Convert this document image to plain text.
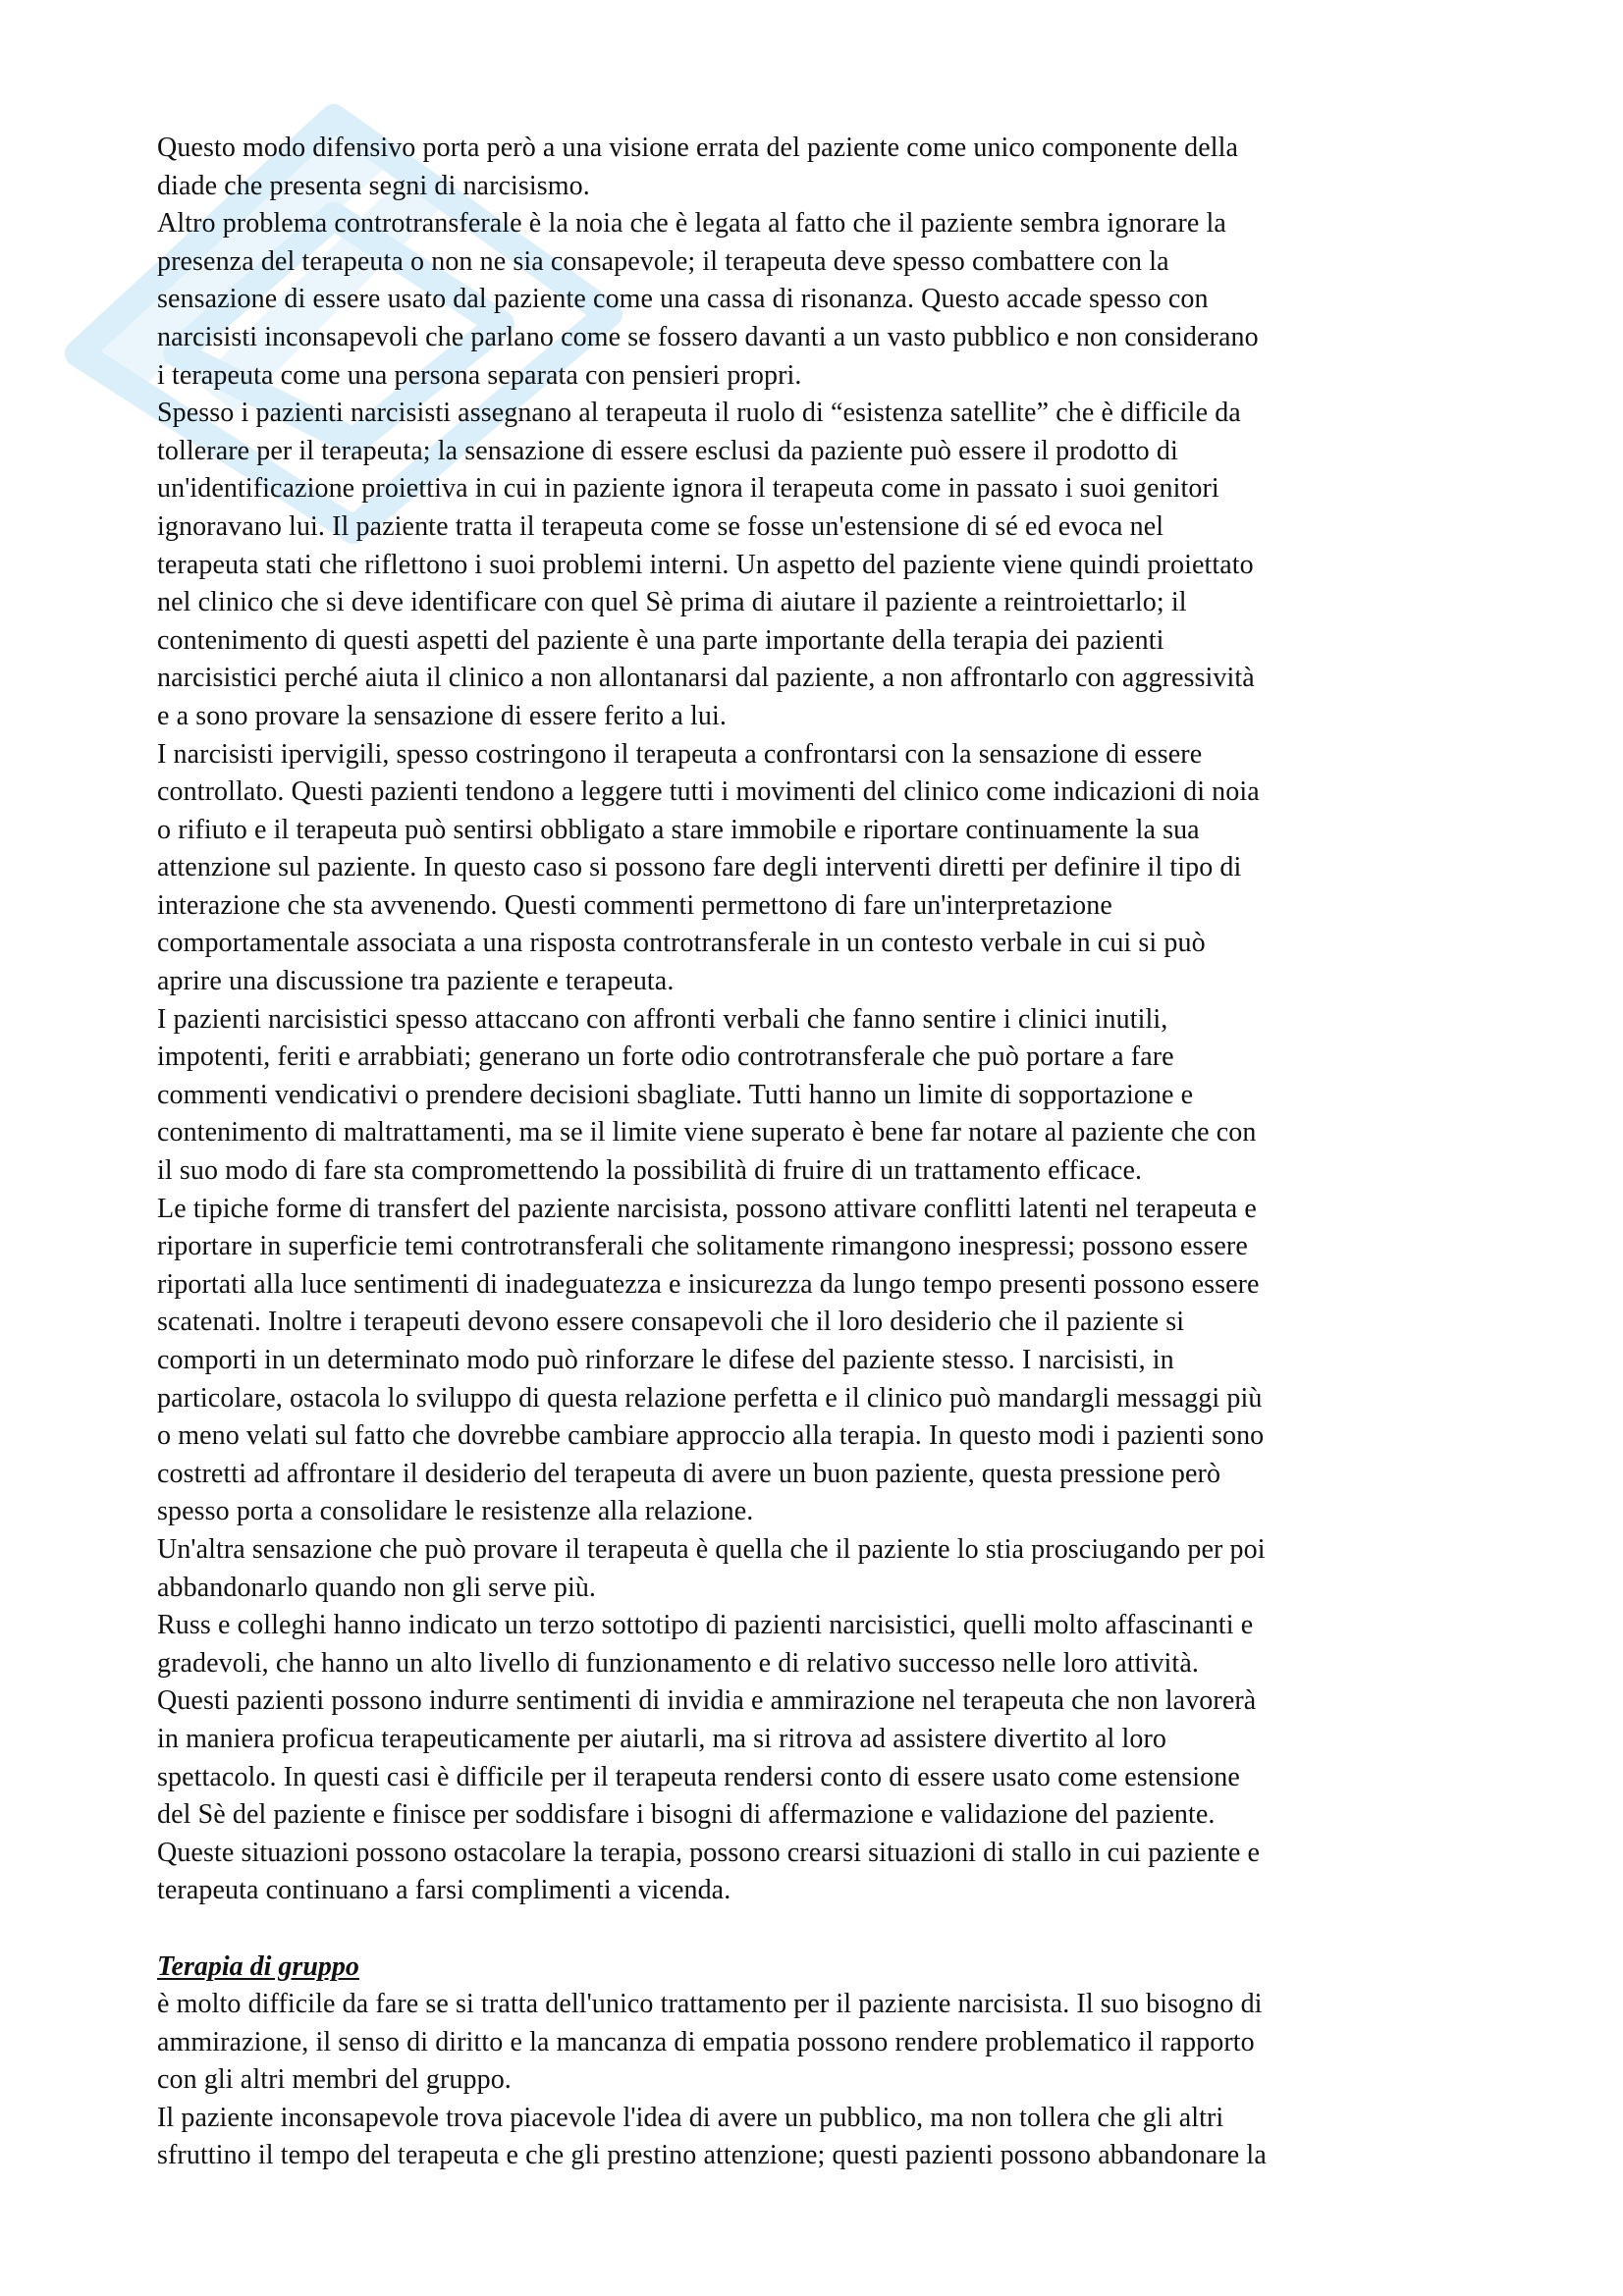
Questo modo difensivo porta però a una visione errata del paziente come unico componente della
diade che presenta segni di narcisismo.

Altro problema controtransferale è la noia che è legata al fatto che il paziente sembra ignorare la
presenza del terapeuta o non ne sia consapevole; il terapeuta deve spesso combattere con la
sensazione di essere usato dal paziente come una cassa di risonanza. Questo accade spesso con
narcisisti inconsapevoli che parlano come se fossero davanti a un vasto pubblico e non considerano
i terapeuta come una persona separata con pensieri propri.

Spesso i pazienti narcisisti assegnano al terapeuta il ruolo di “esistenza satellite” che è difficile da
tollerare per il terapeuta; la sensazione di essere esclusi da paziente può essere il prodotto di
un'identificazione proiettiva in cui in paziente ignora il terapeuta come in passato i suoi genitori
ignoravano lui. Il paziente tratta il terapeuta come se fosse un'estensione di sé ed evoca nel
terapeuta stati che riflettono i suoi problemi interni. Un aspetto del paziente viene quindi proiettato
nel clinico che si deve identificare con quel Sè prima di aiutare il paziente a reintroiettarlo; il
contenimento di questi aspetti del paziente è una parte importante della terapia dei pazienti
narcisistici perché aiuta il clinico a non allontanarsi dal paziente, a non affrontarlo con aggressività
e a sono provare la sensazione di essere ferito a lui.

I narcisisti ipervigili, spesso costringono il terapeuta a confrontarsi con la sensazione di essere
controllato. Questi pazienti tendono a leggere tutti i movimenti del clinico come indicazioni di noia
o rifiuto e il terapeuta può sentirsi obbligato a stare immobile e riportare continuamente la sua
attenzione sul paziente. In questo caso si possono fare degli interventi diretti per definire il tipo di
interazione che sta avvenendo. Questi commenti permettono di fare un'interpretazione
comportamentale associata a una risposta controtransferale in un contesto verbale in cui si può
aprire una discussione tra paziente e terapeuta.

I pazienti narcisistici spesso attaccano con affronti verbali che fanno sentire i clinici inutili,
impotenti, feriti e arrabbiati; generano un forte odio controtransferale che può portare a fare
commenti vendicativi o prendere decisioni sbagliate. Tutti hanno un limite di sopportazione e
contenimento di maltrattamenti, ma se il limite viene superato è bene far notare al paziente che con
il suo modo di fare sta compromettendo la possibilità di fruire di un trattamento efficace.

Le tipiche forme di transfert del paziente narcisista, possono attivare conflitti latenti nel terapeuta e
riportare in superficie temi controtransferali che solitamente rimangono inespressi; possono essere
riportati alla luce sentimenti di inadeguatezza e insicurezza da lungo tempo presenti possono essere
scatenati. Inoltre i terapeuti devono essere consapevoli che il loro desiderio che il paziente si
comporti in un determinato modo può rinforzare le difese del paziente stesso. I narcisisti, in
particolare, ostacola lo sviluppo di questa relazione perfetta e il clinico può mandargli messaggi più
o meno velati sul fatto che dovrebbe cambiare approccio alla terapia. In questo modi i pazienti sono
costretti ad affrontare il desiderio del terapeuta di avere un buon paziente, questa pressione però
spesso porta a consolidare le resistenze alla relazione.

Un'altra sensazione che può provare il terapeuta è quella che il paziente lo stia prosciugando per poi
abbandonarlo quando non gli serve più.

Russ e colleghi hanno indicato un terzo sottotipo di pazienti narcisistici, quelli molto affascinanti e
gradevoli, che hanno un alto livello di funzionamento e di relativo successo nelle loro attività.
Questi pazienti possono indurre sentimenti di invidia e ammirazione nel terapeuta che non lavorerà
in maniera proficua terapeuticamente per aiutarli, ma si ritrova ad assistere divertito al loro
spettacolo. In questi casi è difficile per il terapeuta rendersi conto di essere usato come estensione
del Sè del paziente e finisce per soddisfare i bisogni di affermazione e validazione del paziente.
Queste situazioni possono ostacolare la terapia, possono crearsi situazioni di stallo in cui paziente e
terapeuta continuano a farsi complimenti a vicenda.

Terapia di gruppo

è molto difficile da fare se si tratta dell'unico trattamento per il paziente narcisista. Il suo bisogno di
ammirazione, il senso di diritto e la mancanza di empatia possono rendere problematico il rapporto
con gli altri membri del gruppo.

Il paziente inconsapevole trova piacevole l'idea di avere un pubblico, ma non tollera che gli altri
sfruttino il tempo del terapeuta e che gli prestino attenzione; questi pazienti possono abbandonare la
